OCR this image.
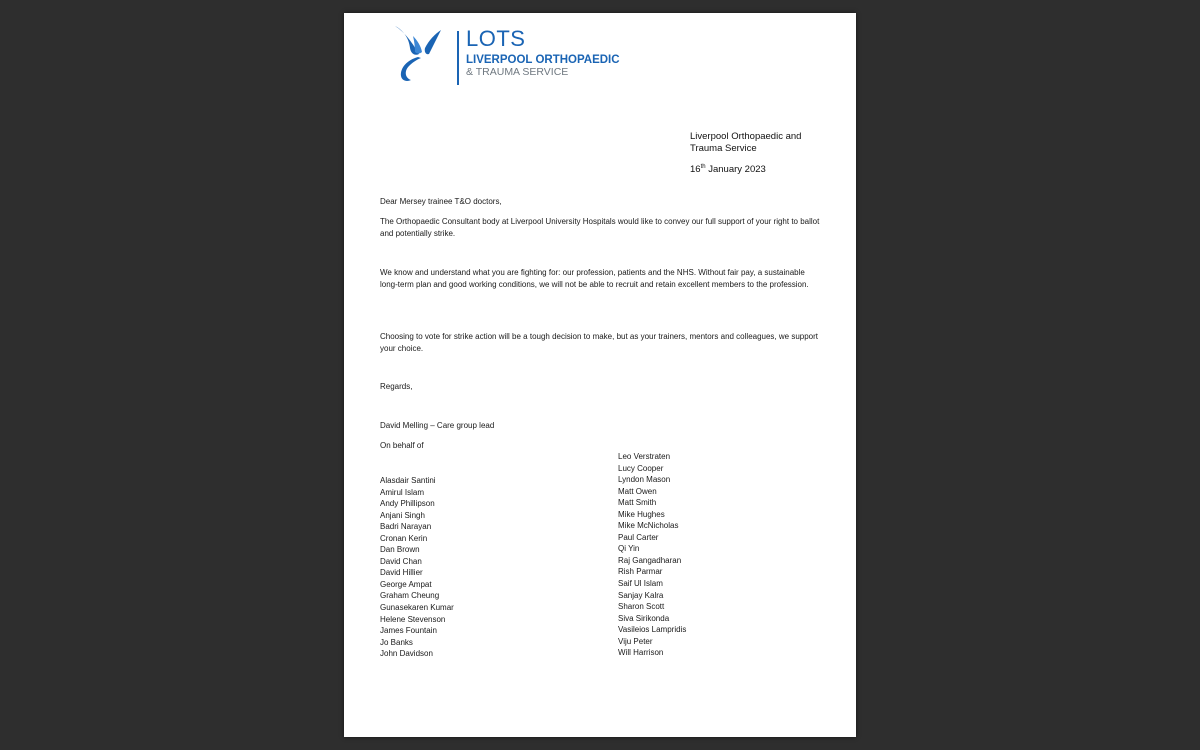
LOTS
LIVERPOOL ORTHOPAEDIC
& TRAUMA SERVICE
Liverpool Orthopaedic and
Trauma Service
16th January 2023
Dear Mersey trainee T&O doctors,
The Orthopaedic Consultant body at Liverpool University Hospitals would like to convey our full support of your right to ballot and potentially strike.
We know and understand what you are fighting for: our profession, patients and the NHS. Without fair pay, a sustainable long-term plan and good working conditions, we will not be able to recruit and retain excellent members to the profession.
Choosing to vote for strike action will be a tough decision to make, but as your trainers, mentors and colleagues, we support your choice.
Regards,
David Melling – Care group lead
On behalf of
Alasdair Santini
Amirul Islam
Andy Phillipson
Anjani Singh
Badri Narayan
Cronan Kerin
Dan Brown
David Chan
David Hillier
George Ampat
Graham Cheung
Gunasekaren Kumar
Helene Stevenson
James Fountain
Jo Banks
John Davidson
Leo Verstraten
Lucy Cooper
Lyndon Mason
Matt Owen
Matt Smith
Mike Hughes
Mike McNicholas
Paul Carter
Qi Yin
Raj Gangadharan
Rish Parmar
Saif Ul Islam
Sanjay Kalra
Sharon Scott
Siva Sirikonda
Vasileios Lampridis
Viju Peter
Will Harrison
